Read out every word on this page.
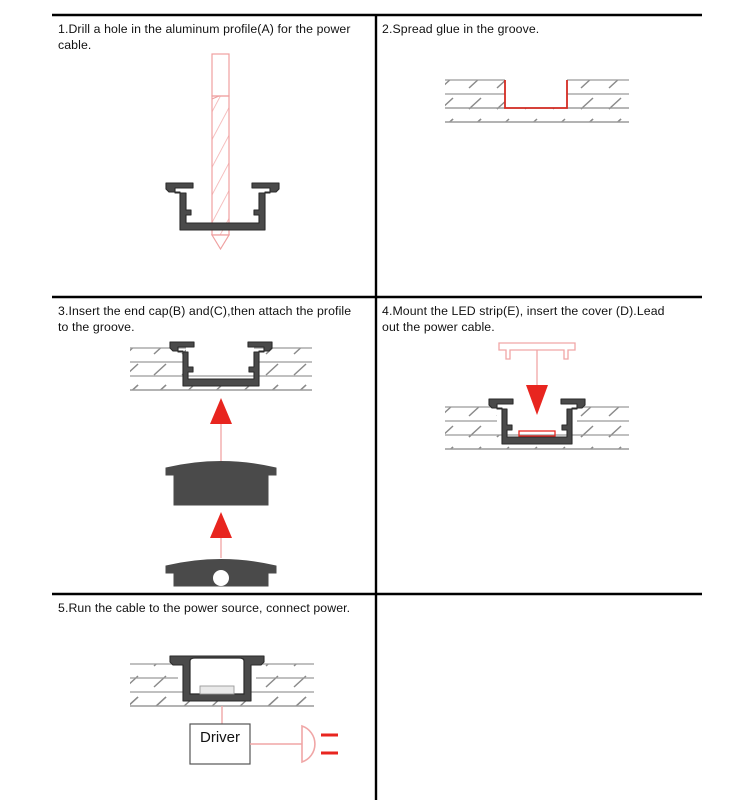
1.Drill a hole in the aluminum profile(A) for the power cable.
2.Spread glue in the groove.
3.Insert the end cap(B) and(C),then attach the profile to the groove.
4.Mount the LED strip(E), insert the cover (D).Lead out the power cable.
5.Run the cable to the power source, connect power.
Driver
